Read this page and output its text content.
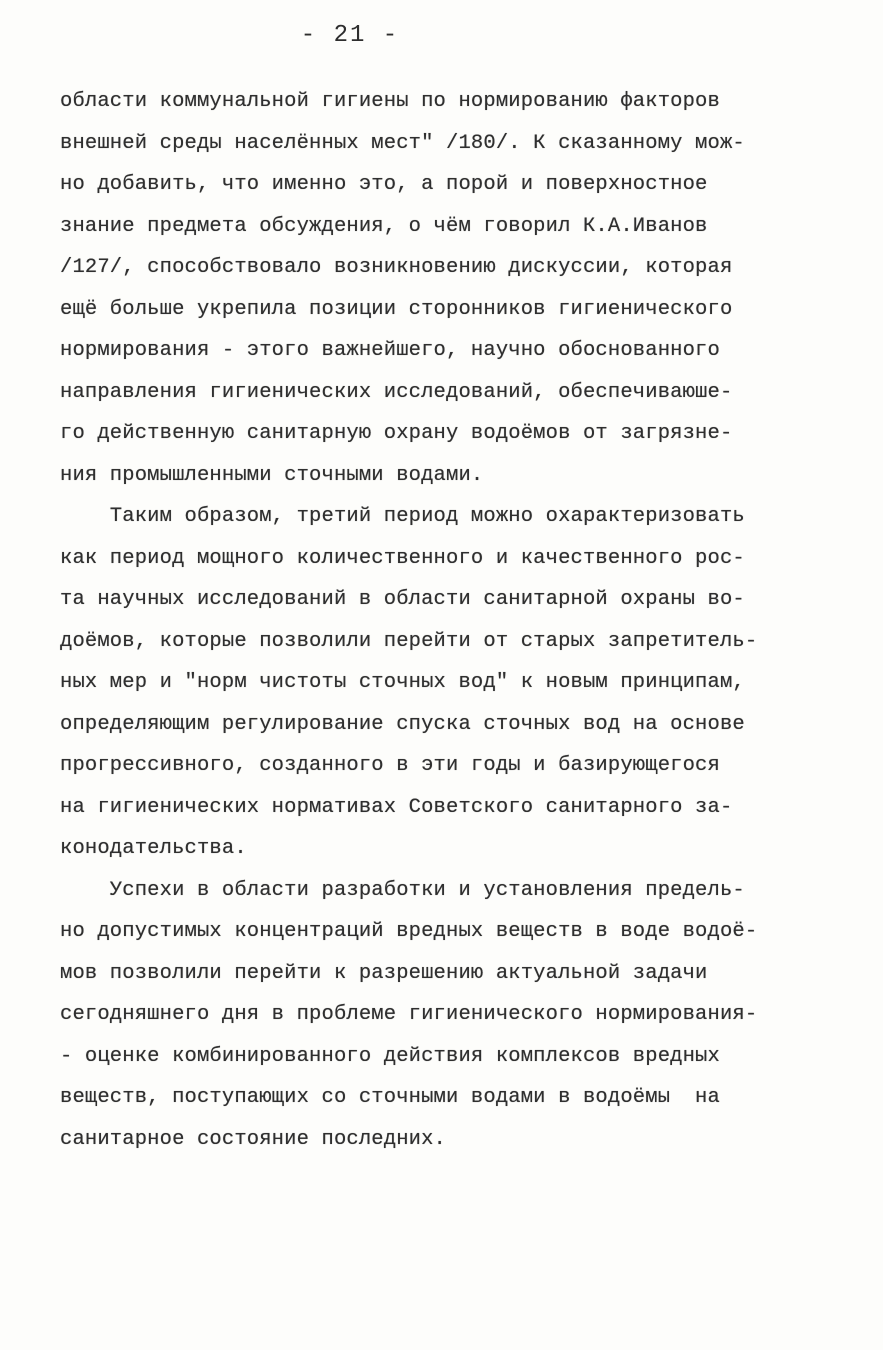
- 21 -
области коммунальной гигиены по нормированию факторов
внешней среды населённых мест" /180/. К сказанному мож-
но добавить, что именно это, а порой и поверхностное
знание предмета обсуждения, о чём говорил К.А.Иванов
/127/, способствовало возникновению дискуссии, которая
ещё больше укрепила позиции сторонников гигиенического
нормирования - этого важнейшего, научно обоснованного
направления гигиенических исследований, обеспечиваюше-
го действенную санитарную охрану водоёмов от загрязне-
ния промышленными сточными водами.
Таким образом, третий период можно охарактеризовать
как период мощного количественного и качественного рос-
та научных исследований в области санитарной охраны во-
доёмов, которые позволили перейти от старых запретитель-
ных мер и "норм чистоты сточных вод" к новым принципам,
определяющим регулирование спуска сточных вод на основе
прогрессивного, созданного в эти годы и базирующегося
на гигиенических нормативах Советского санитарного за-
конодательства.
Успехи в области разработки и установления предель-
но допустимых концентраций вредных веществ в воде водоё-
мов позволили перейти к разрешению актуальной задачи
сегодняшнего дня в проблеме гигиенического нормирования-
- оценке комбинированного действия комплексов вредных
веществ, поступающих со сточными водами в водоёмы  на
санитарное состояние последних.
